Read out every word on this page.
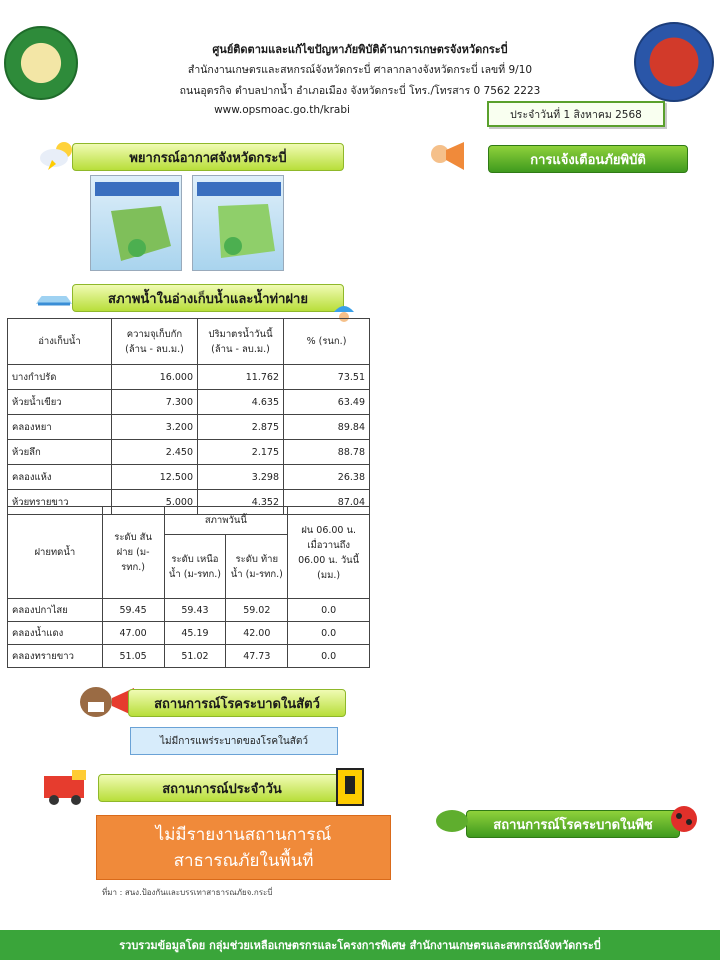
ศูนย์ติดตามและแก้ไขปัญหาภัยพิบัติด้านการเกษตรจังหวัดกระบี่
สำนักงานเกษตรและสหกรณ์จังหวัดกระบี่ ศาลากลางจังหวัดกระบี่ เลขที่ 9/10
ถนนอุตรกิจ ตำบลปากน้ำ อำเภอเมือง จังหวัดกระบี่ โทร./โทรสาร 0 7562 2223
www.opsmoac.go.th/krabi	ประจำวันที่ 1 สิงหาคม 2568
พยากรณ์อากาศจังหวัดกระบี่
สภาพน้ำในอ่างเก็บน้ำและน้ำท่าฝาย
อ่างเก็บน้ำ	ความจุเก็บกัก (ล้าน - ลบ.ม.)	ปริมาตรน้ำวันนี้ (ล้าน - ลบ.ม.)	% (รนก.)
บางกำปรัด	16.000	11.762	73.51
ห้วยน้ำเขียว	7.300	4.635	63.49
คลองหยา	3.200	2.875	89.84
ห้วยลึก	2.450	2.175	88.78
คลองแห้ง	12.500	3.298	26.38
ห้วยทรายขาว	5.000	4.352	87.04
ฝายทดน้ำ	ระดับ สันฝาย (ม-รทก.)	สภาพวันนี้		ฝน 06.00 น. เมื่อวานถึง 06.00 น. วันนี้ (มม.)
		ระดับ เหนือน้ำ (ม-รทก.)	ระดับ ท้ายน้ำ (ม-รทก.)	
คลองปกาไสย	59.45	59.43	59.02	0.0
คลองน้ำแดง	47.00	45.19	42.00	0.0
คลองทรายขาว	51.05	51.02	47.73	0.0
สถานการณ์โรคระบาดในสัตว์
ไม่มีการแพร่ระบาดของโรคในสัตว์
สถานการณ์ประจำวัน
ไม่มีรายงานสถานการณ์
สาธารณภัยในพื้นที่
ที่มา : สนง.ป้องกันและบรรเทาสาธารณภัยจ.กระบี่
การแจ้งเตือนภัยพิบัติ
สถานการณ์โรคระบาดในพืช
รวบรวมข้อมูลโดย กลุ่มช่วยเหลือเกษตรกรและโครงการพิเศษ สำนักงานเกษตรและสหกรณ์จังหวัดกระบี่
